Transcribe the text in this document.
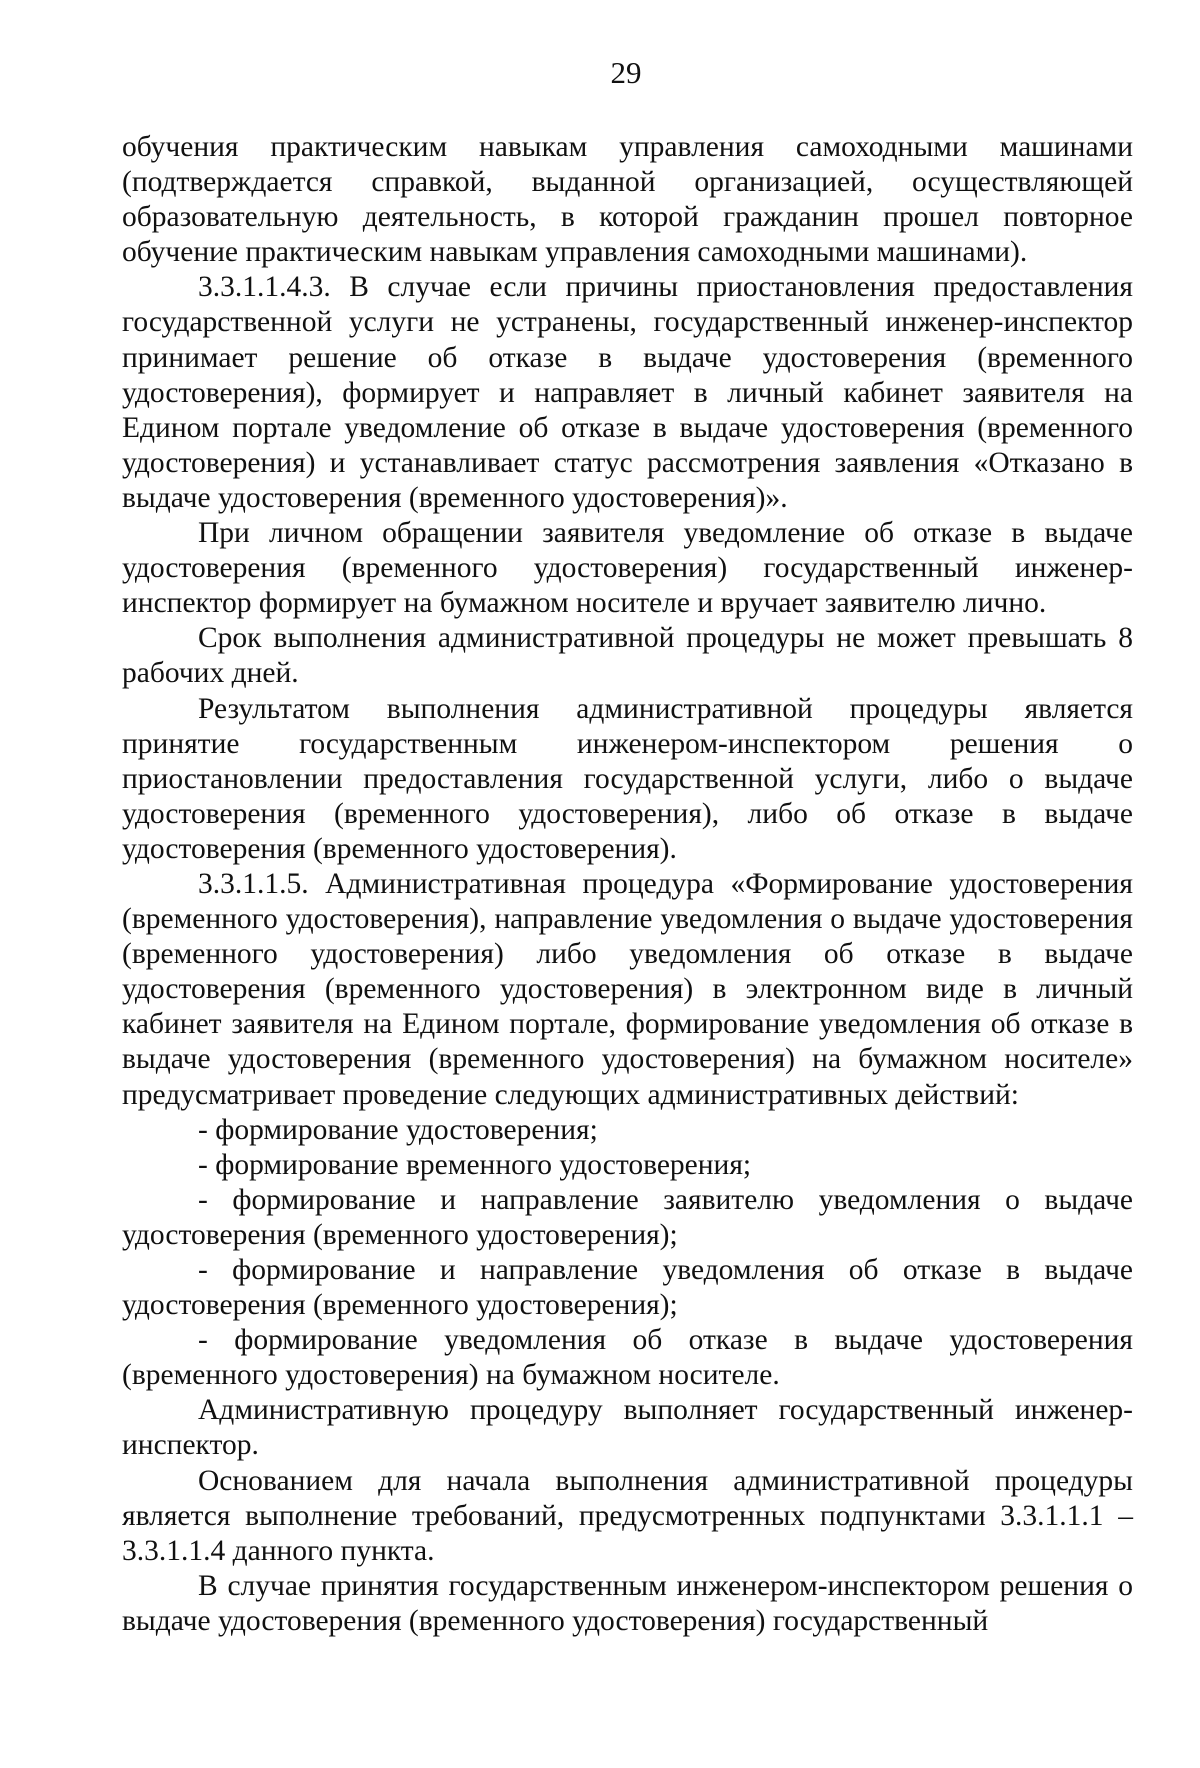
29

обучения практическим навыкам управления самоходными машинами (подтверждается справкой, выданной организацией, осуществляющей образовательную деятельность, в которой гражданин прошел повторное обучение практическим навыкам управления самоходными машинами).

3.3.1.1.4.3. В случае если причины приостановления предоставления государственной услуги не устранены, государственный инженер-инспектор принимает решение об отказе в выдаче удостоверения (временного удостоверения), формирует и направляет в личный кабинет заявителя на Едином портале уведомление об отказе в выдаче удостоверения (временного удостоверения) и устанавливает статус рассмотрения заявления «Отказано в выдаче удостоверения (временного удостоверения)».

При личном обращении заявителя уведомление об отказе в выдаче удостоверения (временного удостоверения) государственный инженер-инспектор формирует на бумажном носителе и вручает заявителю лично.

Срок выполнения административной процедуры не может превышать 8 рабочих дней.

Результатом выполнения административной процедуры является принятие государственным инженером-инспектором решения о приостановлении предоставления государственной услуги, либо о выдаче удостоверения (временного удостоверения), либо об отказе в выдаче удостоверения (временного удостоверения).

3.3.1.1.5. Административная процедура «Формирование удостоверения (временного удостоверения), направление уведомления о выдаче удостоверения (временного удостоверения) либо уведомления об отказе в выдаче удостоверения (временного удостоверения) в электронном виде в личный кабинет заявителя на Едином портале, формирование уведомления об отказе в выдаче удостоверения (временного удостоверения) на бумажном носителе» предусматривает проведение следующих административных действий:

- формирование удостоверения;

- формирование временного удостоверения;

- формирование и направление заявителю уведомления о выдаче удостоверения (временного удостоверения);

- формирование и направление уведомления об отказе в выдаче удостоверения (временного удостоверения);

- формирование уведомления об отказе в выдаче удостоверения (временного удостоверения) на бумажном носителе.

Административную процедуру выполняет государственный инженер-инспектор.

Основанием для начала выполнения административной процедуры является выполнение требований, предусмотренных подпунктами 3.3.1.1.1 – 3.3.1.1.4 данного пункта.

В случае принятия государственным инженером-инспектором решения о выдаче удостоверения (временного удостоверения) государственный
